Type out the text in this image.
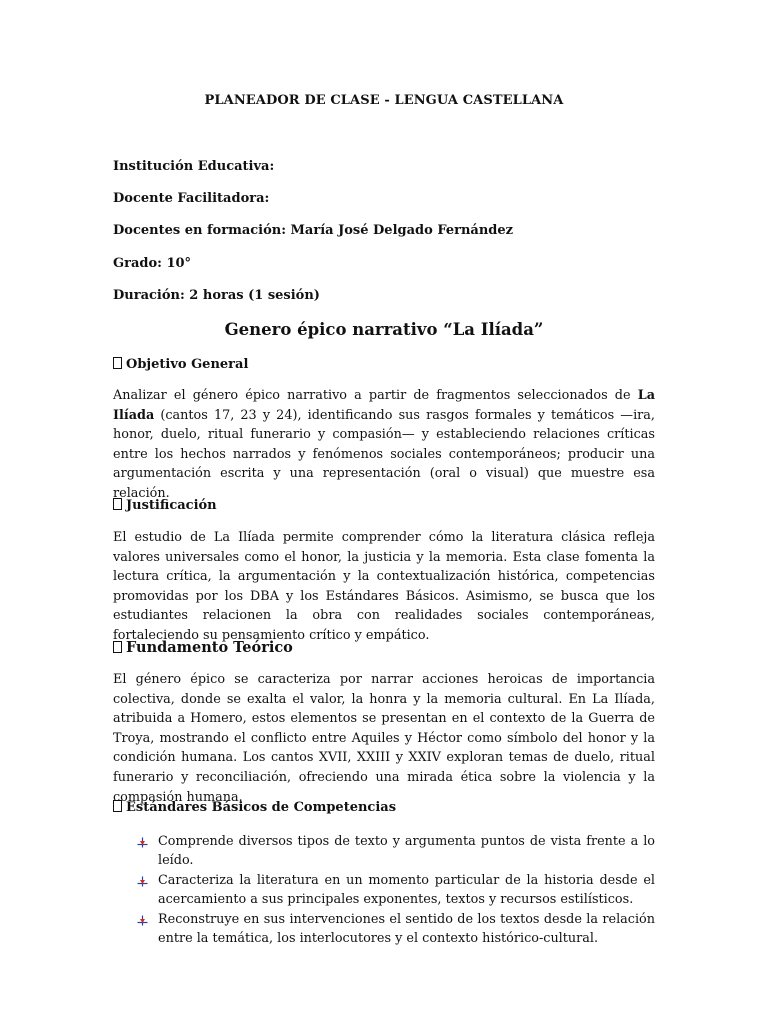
PLANEADOR DE CLASE - LENGUA CASTELLANA
Institución Educativa:
Docente Facilitadora:
Docentes en formación: María José Delgado Fernández
Grado: 10°
Duración: 2 horas (1 sesión)
Genero épico narrativo “La Ilíada”
Objetivo General
Analizar el género épico narrativo a partir de fragmentos seleccionados de La Ilíada (cantos 17, 23 y 24), identificando sus rasgos formales y temáticos —ira, honor, duelo, ritual funerario y compasión— y estableciendo relaciones críticas entre los hechos narrados y fenómenos sociales contemporáneos; producir una argumentación escrita y una representación (oral o visual) que muestre esa relación.
Justificación
El estudio de La Ilíada permite comprender cómo la literatura clásica refleja valores universales como el honor, la justicia y la memoria. Esta clase fomenta la lectura crítica, la argumentación y la contextualización histórica, competencias promovidas por los DBA y los Estándares Básicos. Asimismo, se busca que los estudiantes relacionen la obra con realidades sociales contemporáneas, fortaleciendo su pensamiento crítico y empático.
Fundamento Teórico
El género épico se caracteriza por narrar acciones heroicas de importancia colectiva, donde se exalta el valor, la honra y la memoria cultural. En La Ilíada, atribuida a Homero, estos elementos se presentan en el contexto de la Guerra de Troya, mostrando el conflicto entre Aquiles y Héctor como símbolo del honor y la condición humana. Los cantos XVII, XXIII y XXIV exploran temas de duelo, ritual funerario y reconciliación, ofreciendo una mirada ética sobre la violencia y la compasión humana.
Estándares Básicos de Competencias
Comprende diversos tipos de texto y argumenta puntos de vista frente a lo leído.
Caracteriza la literatura en un momento particular de la historia desde el acercamiento a sus principales exponentes, textos y recursos estilísticos.
Reconstruye en sus intervenciones el sentido de los textos desde la relación entre la temática, los interlocutores y el contexto histórico-cultural.
